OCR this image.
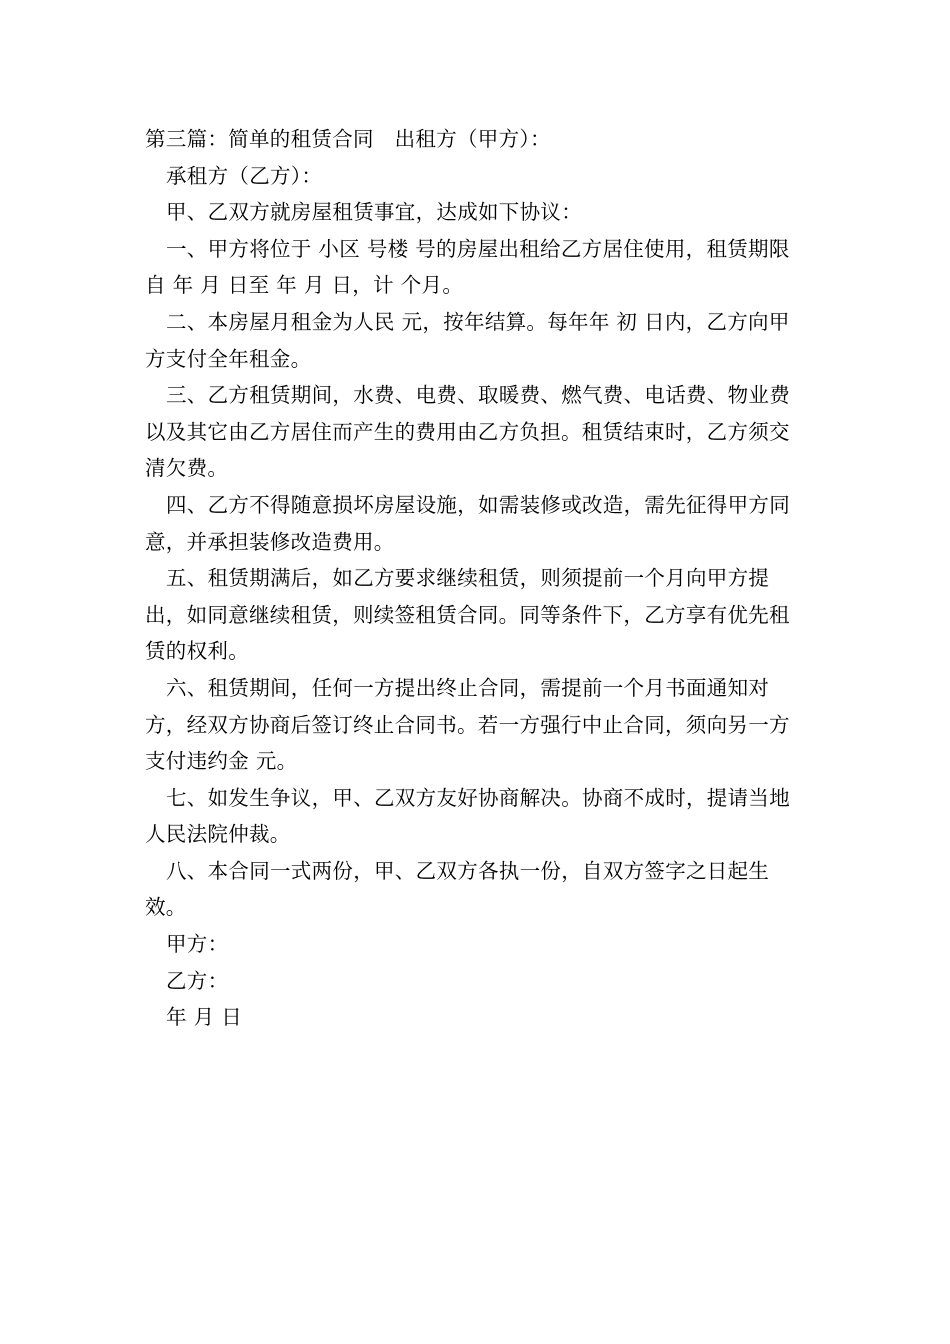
第三篇：简单的租赁合同　出租方（甲方）：

承租方（乙方）：

甲、乙双方就房屋租赁事宜，达成如下协议：

一、甲方将位于 小区 号楼 号的房屋出租给乙方居住使用，租赁期限自 年 月 日至 年 月 日，计 个月。

二、本房屋月租金为人民 元，按年结算。每年年 初 日内，乙方向甲方支付全年租金。

三、乙方租赁期间，水费、电费、取暖费、燃气费、电话费、物业费以及其它由乙方居住而产生的费用由乙方负担。租赁结束时，乙方须交清欠费。

四、乙方不得随意损坏房屋设施，如需装修或改造，需先征得甲方同意，并承担装修改造费用。

五、租赁期满后，如乙方要求继续租赁，则须提前一个月向甲方提出，如同意继续租赁，则续签租赁合同。同等条件下，乙方享有优先租赁的权利。

六、租赁期间，任何一方提出终止合同，需提前一个月书面通知对方，经双方协商后签订终止合同书。若一方强行中止合同，须向另一方支付违约金 元。

七、如发生争议，甲、乙双方友好协商解决。协商不成时，提请当地人民法院仲裁。

八、本合同一式两份，甲、乙双方各执一份，自双方签字之日起生效。

甲方：

乙方：

年 月 日
